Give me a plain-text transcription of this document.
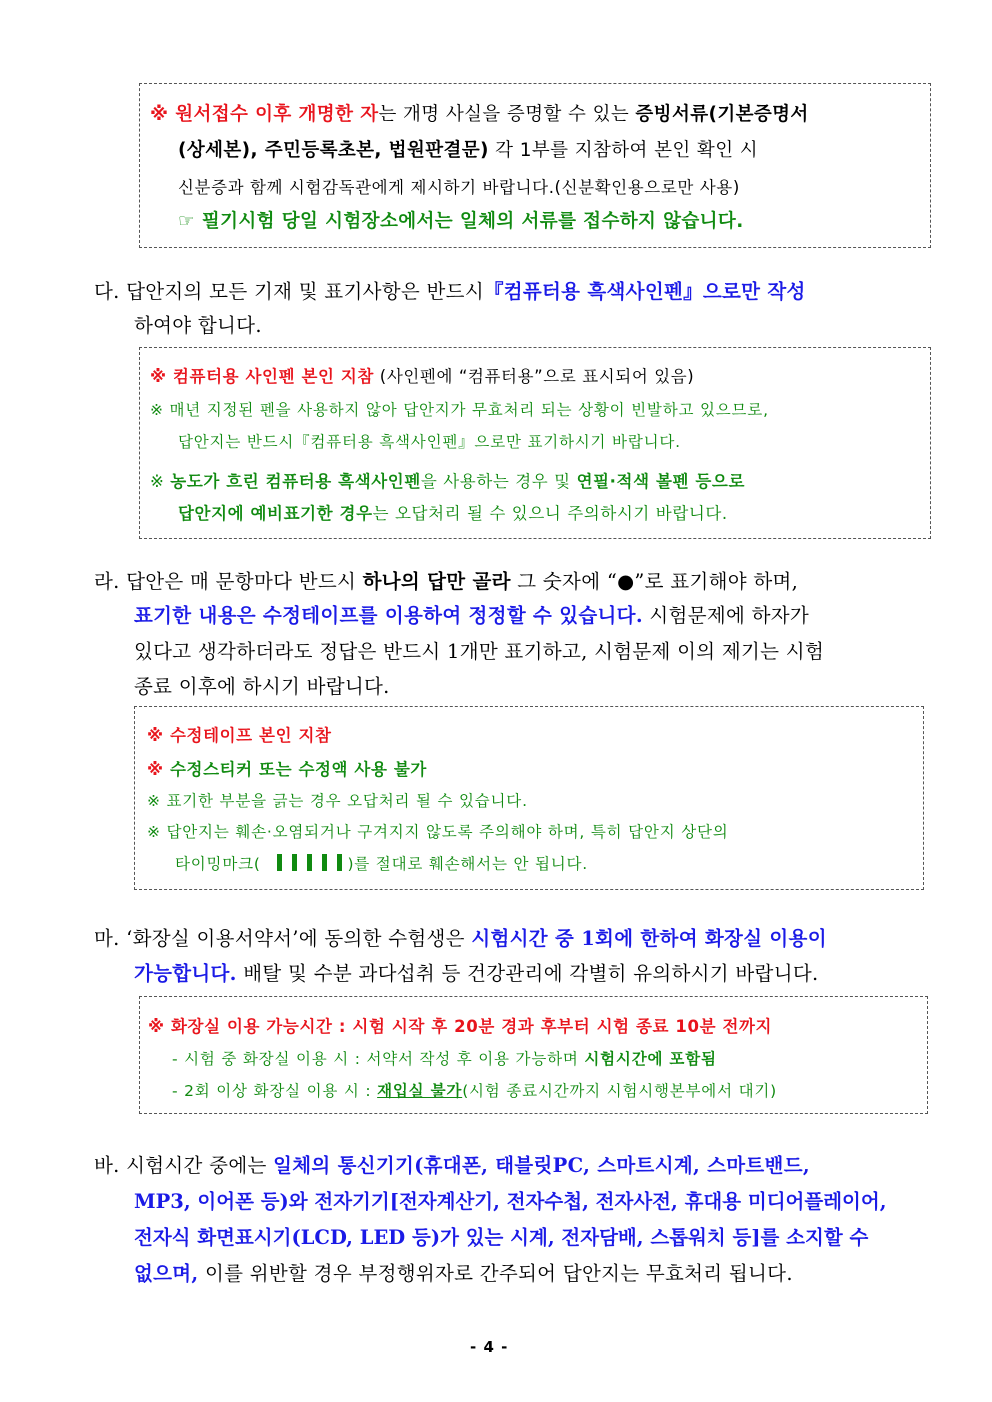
※ 원서접수 이후 개명한 자는 개명 사실을 증명할 수 있는 증빙서류(기본증명서
(상세본), 주민등록초본, 법원판결문) 각 1부를 지참하여 본인 확인 시
신분증과 함께 시험감독관에게 제시하기 바랍니다.(신분확인용으로만 사용)
☞ 필기시험 당일 시험장소에서는 일체의 서류를 접수하지 않습니다.
다. 답안지의 모든 기재 및 표기사항은 반드시『컴퓨터용 흑색사인펜』으로만 작성
하여야 합니다.
※ 컴퓨터용 사인펜 본인 지참 (사인펜에 “컴퓨터용”으로 표시되어 있음)
※ 매년 지정된 펜을 사용하지 않아 답안지가 무효처리 되는 상황이 빈발하고 있으므로,
답안지는 반드시『컴퓨터용 흑색사인펜』으로만 표기하시기 바랍니다.
※ 농도가 흐린 컴퓨터용 흑색사인펜을 사용하는 경우 및 연필·적색 볼펜 등으로
답안지에 예비표기한 경우는 오답처리 될 수 있으니 주의하시기 바랍니다.
라. 답안은 매 문항마다 반드시 하나의 답만 골라 그 숫자에 “●”로 표기해야 하며,
표기한 내용은 수정테이프를 이용하여 정정할 수 있습니다. 시험문제에 하자가
있다고 생각하더라도 정답은 반드시 1개만 표기하고, 시험문제 이의 제기는 시험
종료 이후에 하시기 바랍니다.
※ 수정테이프 본인 지참
※ 수정스티커 또는 수정액 사용 불가
※ 표기한 부분을 긁는 경우 오답처리 될 수 있습니다.
※ 답안지는 훼손·오염되거나 구겨지지 않도록 주의해야 하며, 특히 답안지 상단의
타이밍마크(	)를 절대로 훼손해서는 안 됩니다.
마. ‘화장실 이용서약서’에 동의한 수험생은 시험시간 중 1회에 한하여 화장실 이용이
가능합니다. 배탈 및 수분 과다섭취 등 건강관리에 각별히 유의하시기 바랍니다.
※ 화장실 이용 가능시간 : 시험 시작 후 20분 경과 후부터 시험 종료 10분 전까지
- 시험 중 화장실 이용 시 : 서약서 작성 후 이용 가능하며 시험시간에 포함됨
- 2회 이상 화장실 이용 시 : 재입실 불가(시험 종료시간까지 시험시행본부에서 대기)
바. 시험시간 중에는 일체의 통신기기(휴대폰, 태블릿PC, 스마트시계, 스마트밴드,
MP3, 이어폰 등)와 전자기기[전자계산기, 전자수첩, 전자사전, 휴대용 미디어플레이어,
전자식 화면표시기(LCD, LED 등)가 있는 시계, 전자담배, 스톱워치 등]를 소지할 수
없으며, 이를 위반할 경우 부정행위자로 간주되어 답안지는 무효처리 됩니다.
- 4 -
